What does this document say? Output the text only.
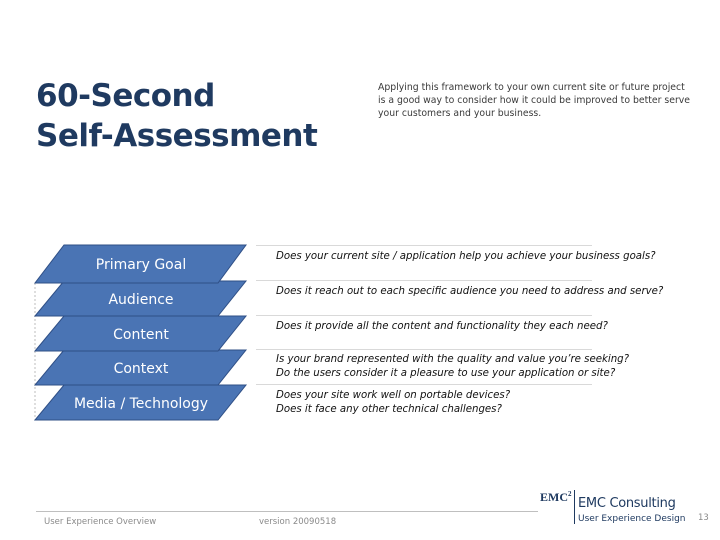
60-Second
Self-Assessment
Applying this framework to your own current site or future project
is a good way to consider how it could be improved to better serve
your customers and your business.
Primary Goal
Audience
Content
Context
Media / Technology
Does your current site / application help you achieve your business goals?
Does it reach out to each specific audience you need to address and serve?
Does it provide all the content and functionality they each need?
Is your brand represented with the quality and value you’re seeking?
Do the users consider it a pleasure to use your application or site?
Does your site work well on portable devices?
Does it face any other technical challenges?
User Experience Overview	version 20090518	13
EMC$^2$
EMC Consulting
User Experience Design
